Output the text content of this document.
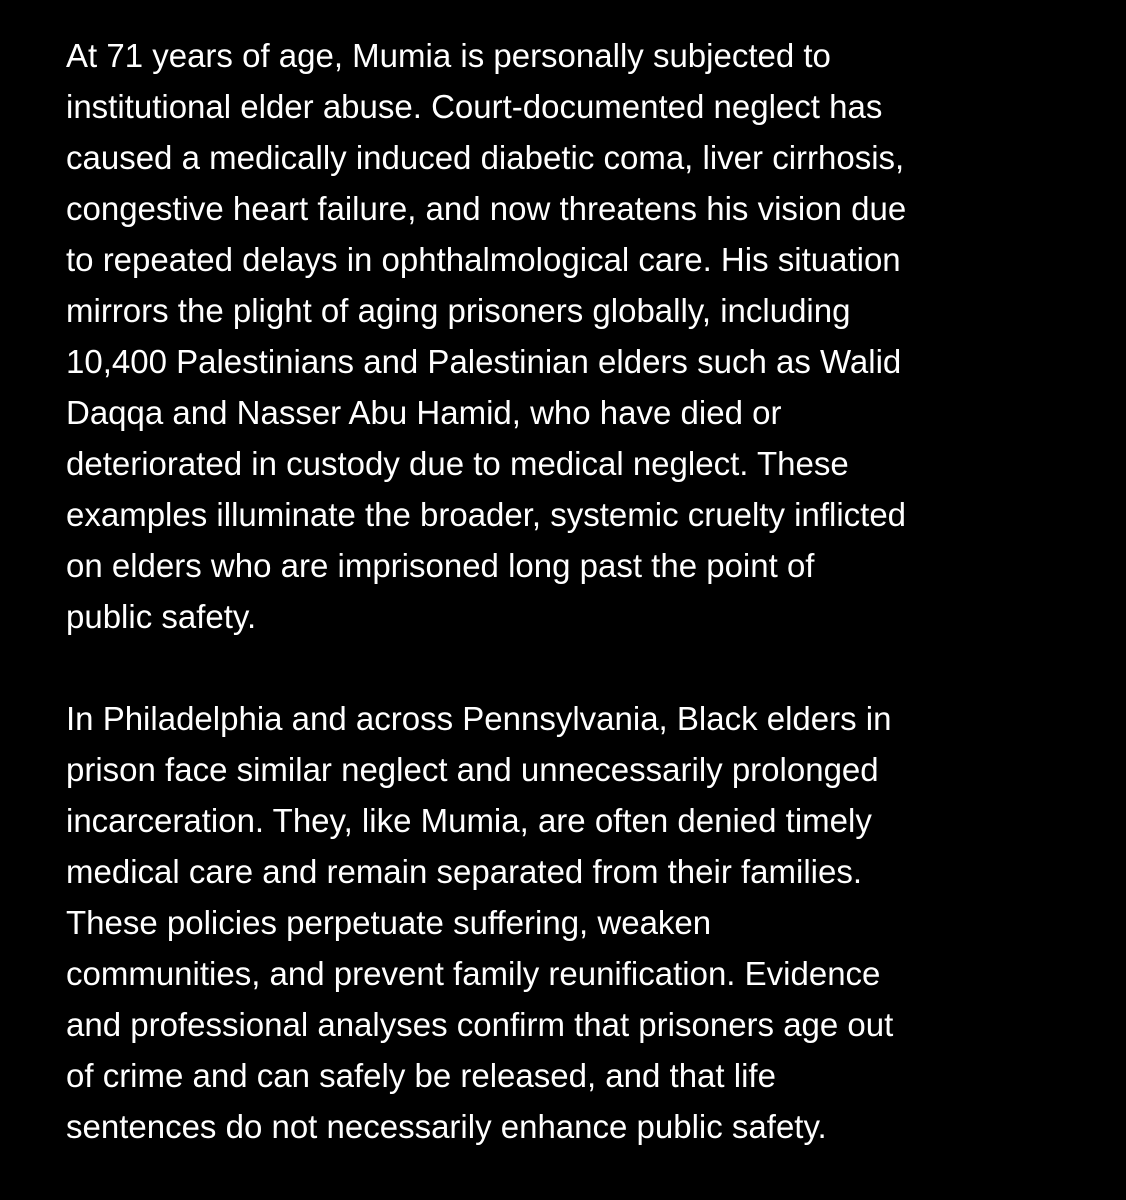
At 71 years of age, Mumia is personally subjected to
institutional elder abuse. Court-documented neglect has
caused a medically induced diabetic coma, liver cirrhosis,
congestive heart failure, and now threatens his vision due
to repeated delays in ophthalmological care. His situation
mirrors the plight of aging prisoners globally, including
10,400 Palestinians and Palestinian elders such as Walid
Daqqa and Nasser Abu Hamid, who have died or
deteriorated in custody due to medical neglect. These
examples illuminate the broader, systemic cruelty inflicted
on elders who are imprisoned long past the point of
public safety.
In Philadelphia and across Pennsylvania, Black elders in
prison face similar neglect and unnecessarily prolonged
incarceration. They, like Mumia, are often denied timely
medical care and remain separated from their families.
These policies perpetuate suffering, weaken
communities, and prevent family reunification. Evidence
and professional analyses confirm that prisoners age out
of crime and can safely be released, and that life
sentences do not necessarily enhance public safety.
